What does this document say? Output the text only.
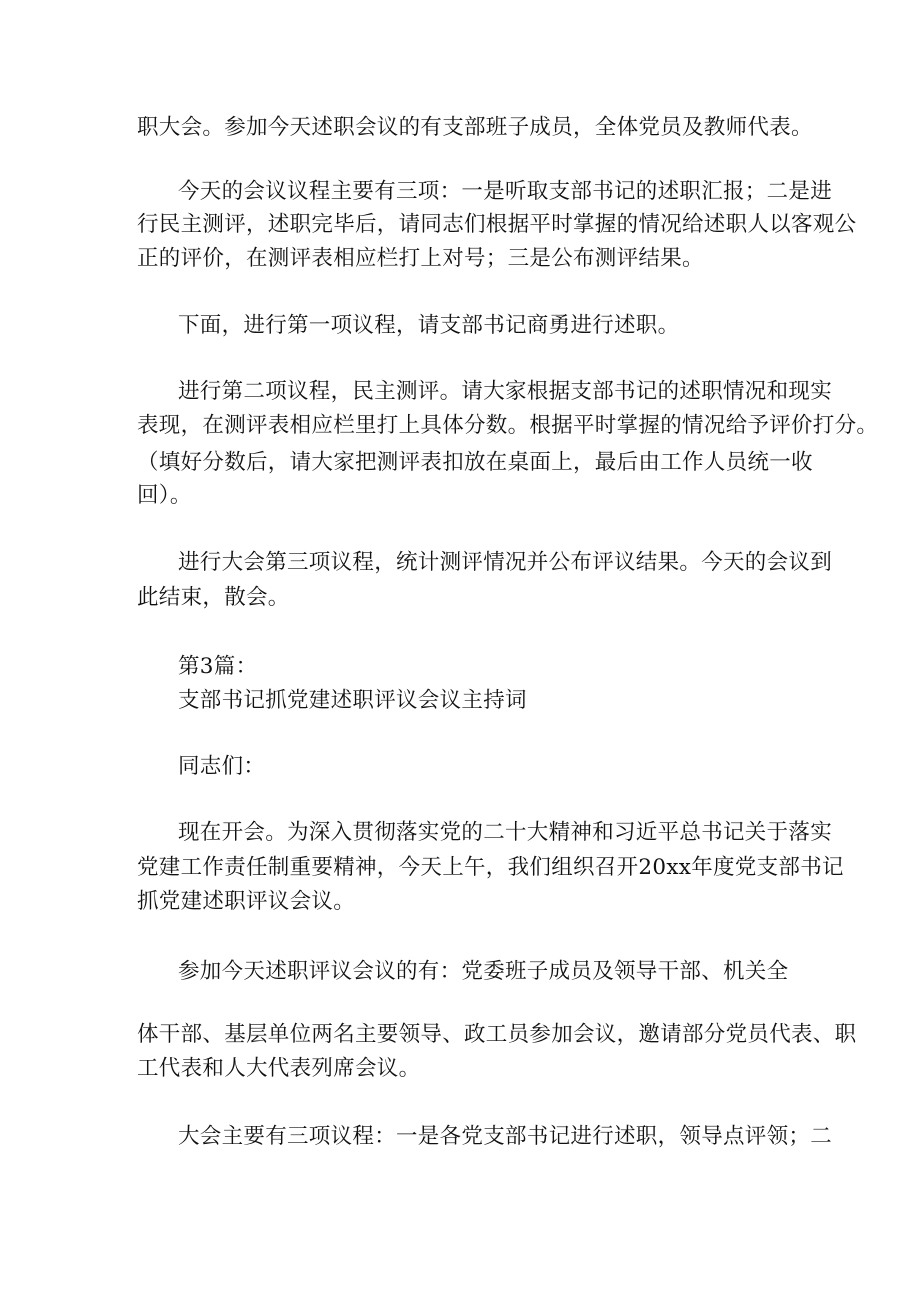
职大会。参加今天述职会议的有支部班子成员，全体党员及教师代表。
今天的会议议程主要有三项：一是听取支部书记的述职汇报；二是进
行民主测评，述职完毕后，请同志们根据平时掌握的情况给述职人以客观公
正的评价，在测评表相应栏打上对号；三是公布测评结果。
下面，进行第一项议程，请支部书记商勇进行述职。
进行第二项议程，民主测评。请大家根据支部书记的述职情况和现实
表现，在测评表相应栏里打上具体分数。根据平时掌握的情况给予评价打分。
（填好分数后，请大家把测评表扣放在桌面上，最后由工作人员统一收
回）。
进行大会第三项议程，统计测评情况并公布评议结果。今天的会议到
此结束，散会。
第3篇：
支部书记抓党建述职评议会议主持词
同志们：
现在开会。为深入贯彻落实党的二十大精神和习近平总书记关于落实
党建工作责任制重要精神，今天上午，我们组织召开20xx年度党支部书记
抓党建述职评议会议。
参加今天述职评议会议的有：党委班子成员及领导干部、机关全
体干部、基层单位两名主要领导、政工员参加会议，邀请部分党员代表、职
工代表和人大代表列席会议。
大会主要有三项议程：一是各党支部书记进行述职，领导点评领；二
